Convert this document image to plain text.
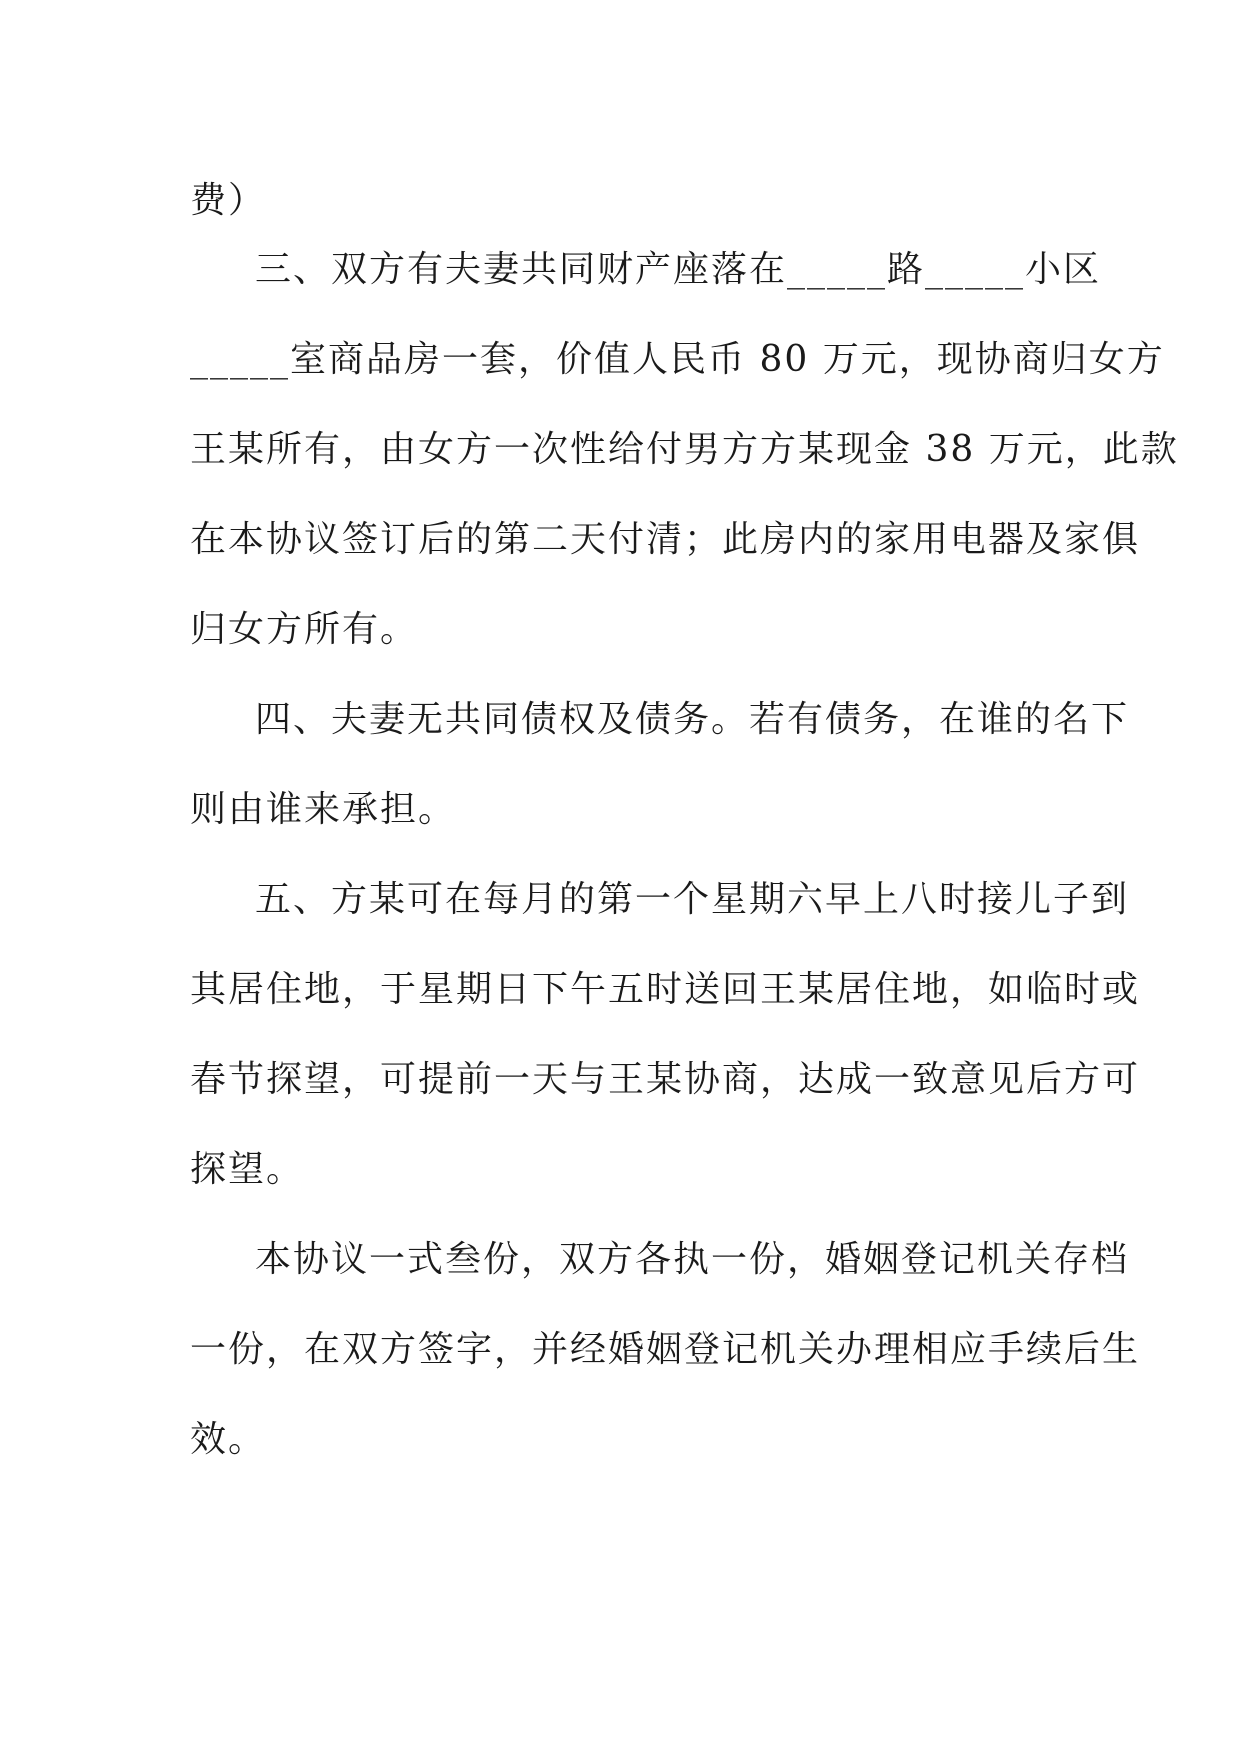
费）
三、双方有夫妻共同财产座落在_____路_____小区
_____室商品房一套，价值人民币 80 万元，现协商归女方
王某所有，由女方一次性给付男方方某现金 38 万元，此款
在本协议签订后的第二天付清；此房内的家用电器及家俱
归女方所有。
四、夫妻无共同债权及债务。若有债务，在谁的名下
则由谁来承担。
五、方某可在每月的第一个星期六早上八时接儿子到
其居住地，于星期日下午五时送回王某居住地，如临时或
春节探望，可提前一天与王某协商，达成一致意见后方可
探望。
本协议一式叁份，双方各执一份，婚姻登记机关存档
一份，在双方签字，并经婚姻登记机关办理相应手续后生
效。
